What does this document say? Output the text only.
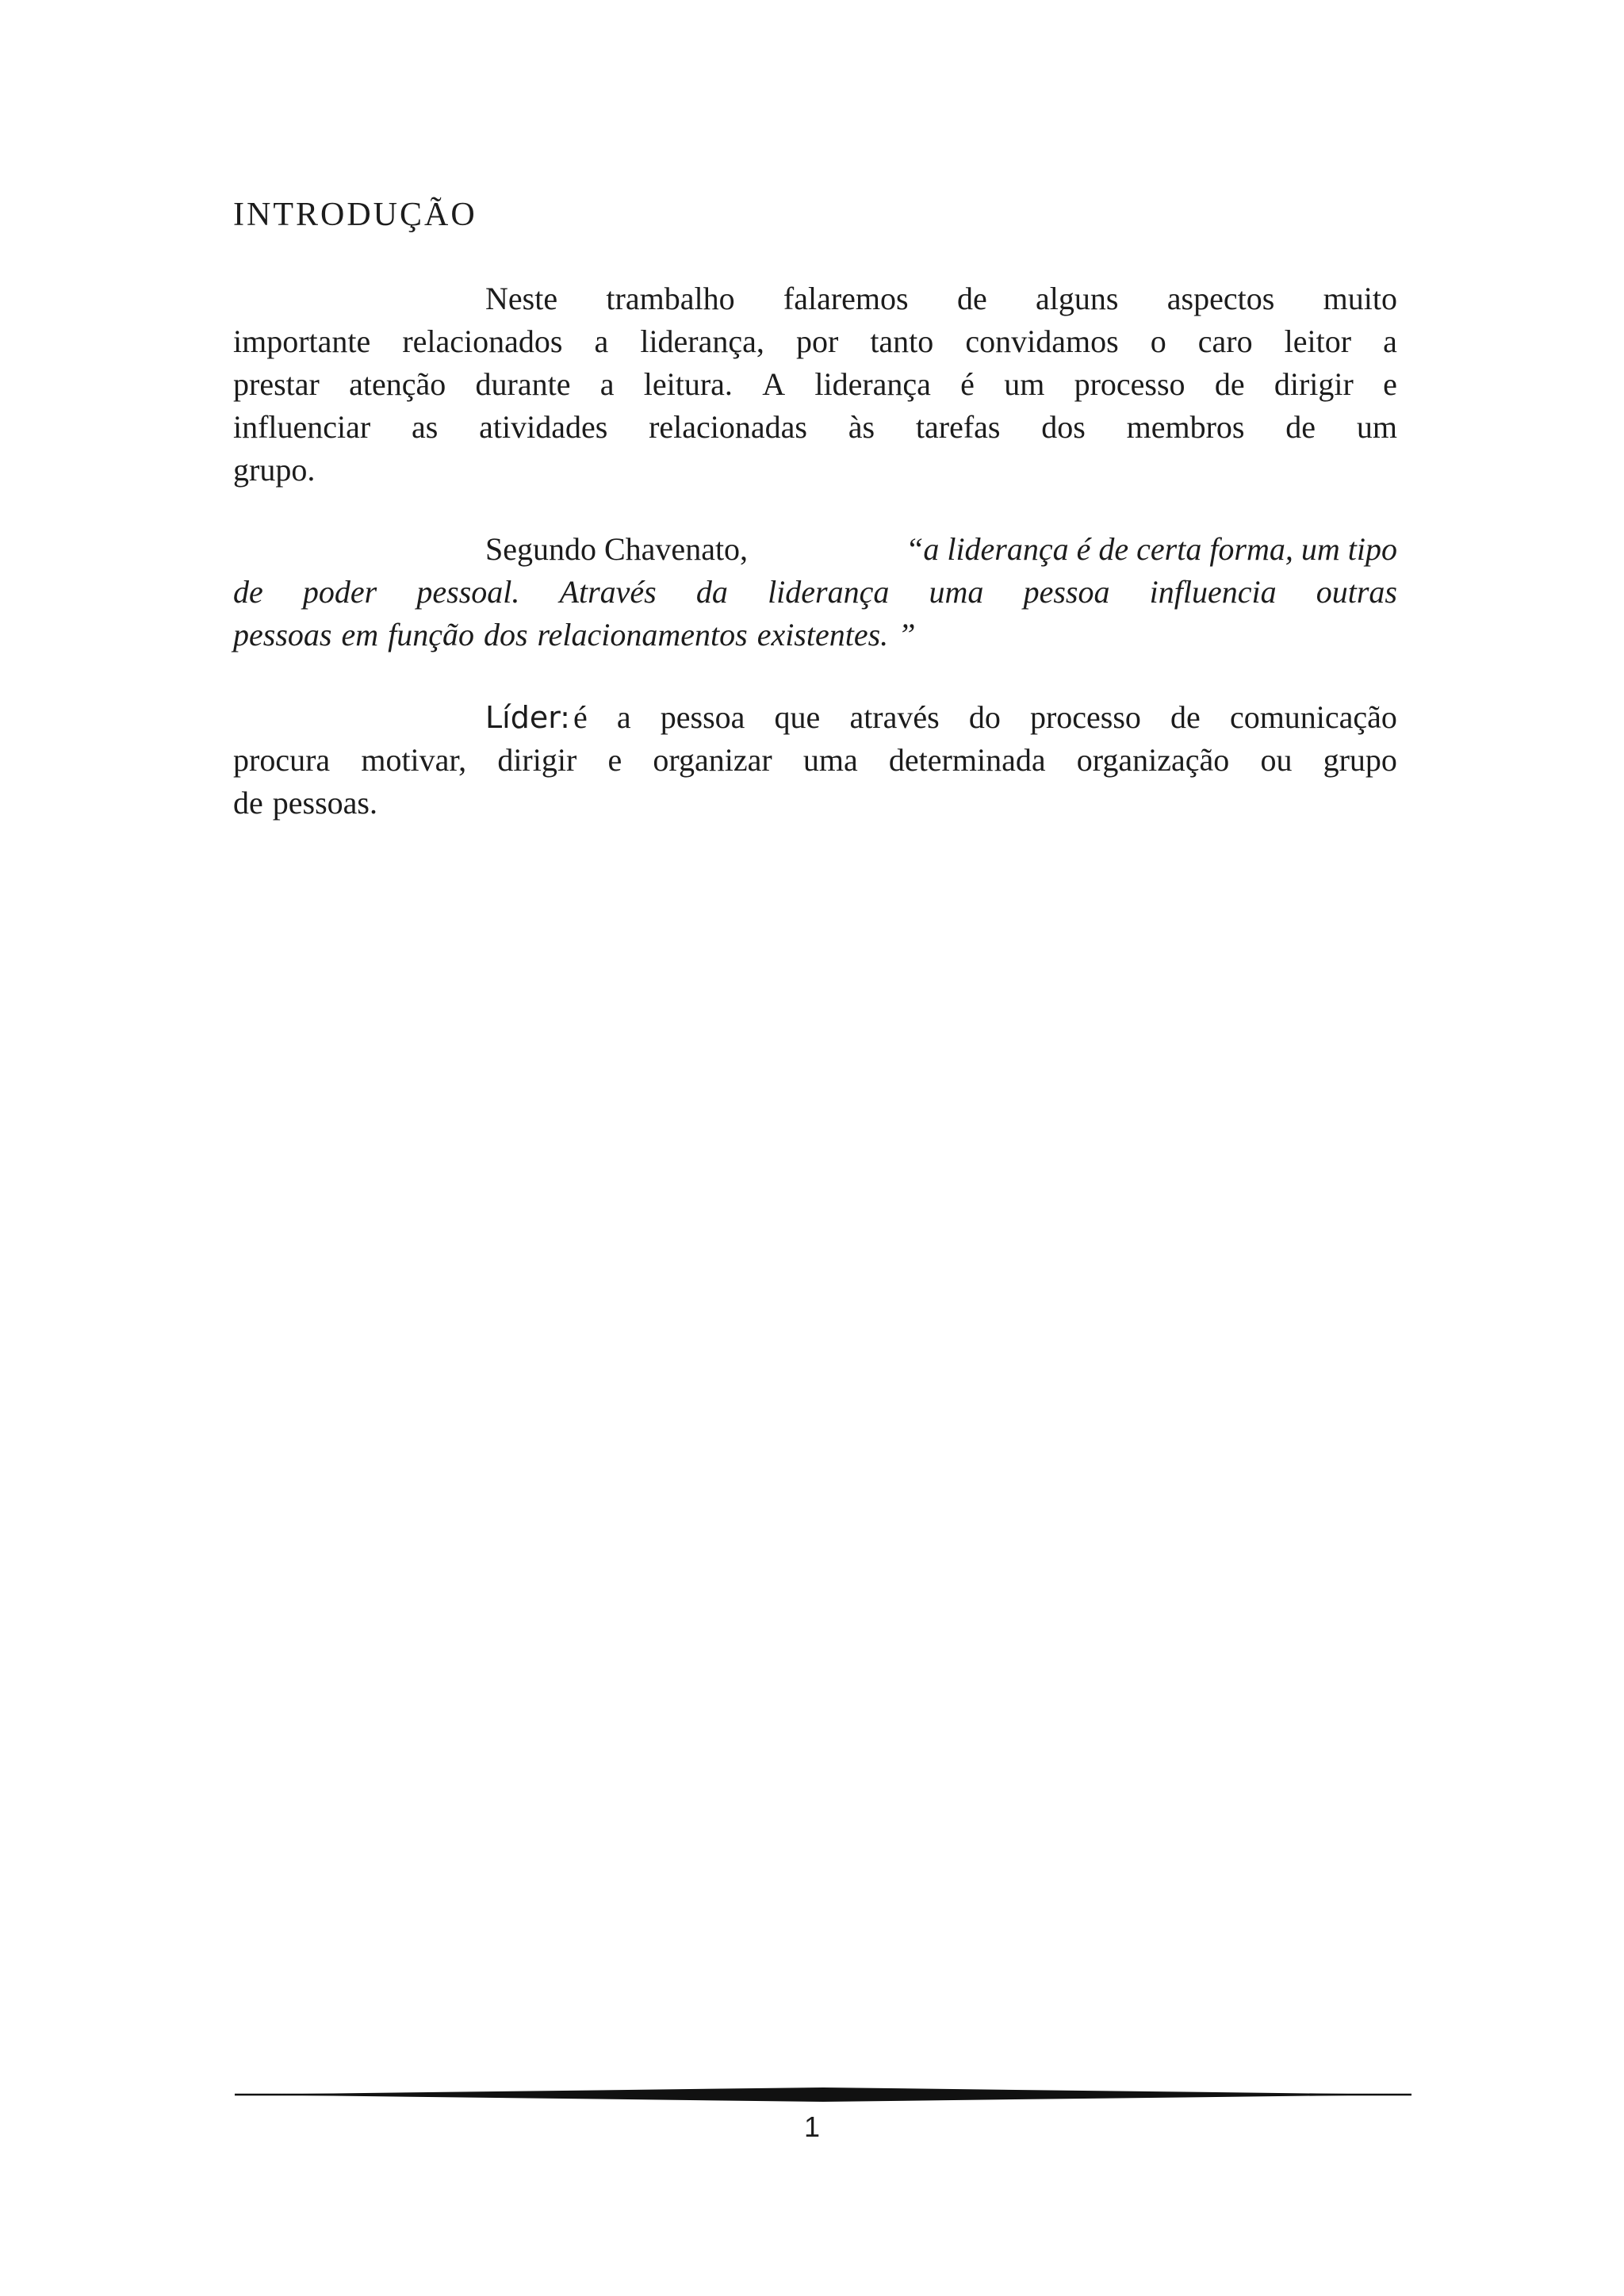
INTRODUÇÃO
Neste trambalho falaremos de alguns aspectos muito
importante relacionados a liderança, por tanto convidamos o caro leitor a
prestar atenção durante a leitura. A liderança é um processo de dirigir e
influenciar as atividades relacionadas às tarefas dos membros de um
grupo.
Segundo Chavenato,	“a liderança é de certa forma, um tipo
de poder pessoal. Através da liderança uma pessoa influencia outras
pessoas em função dos relacionamentos existentes. ”
Líder: é a pessoa que através do processo de comunicação
procura motivar, dirigir e organizar uma determinada organização ou grupo
de pessoas.
1
